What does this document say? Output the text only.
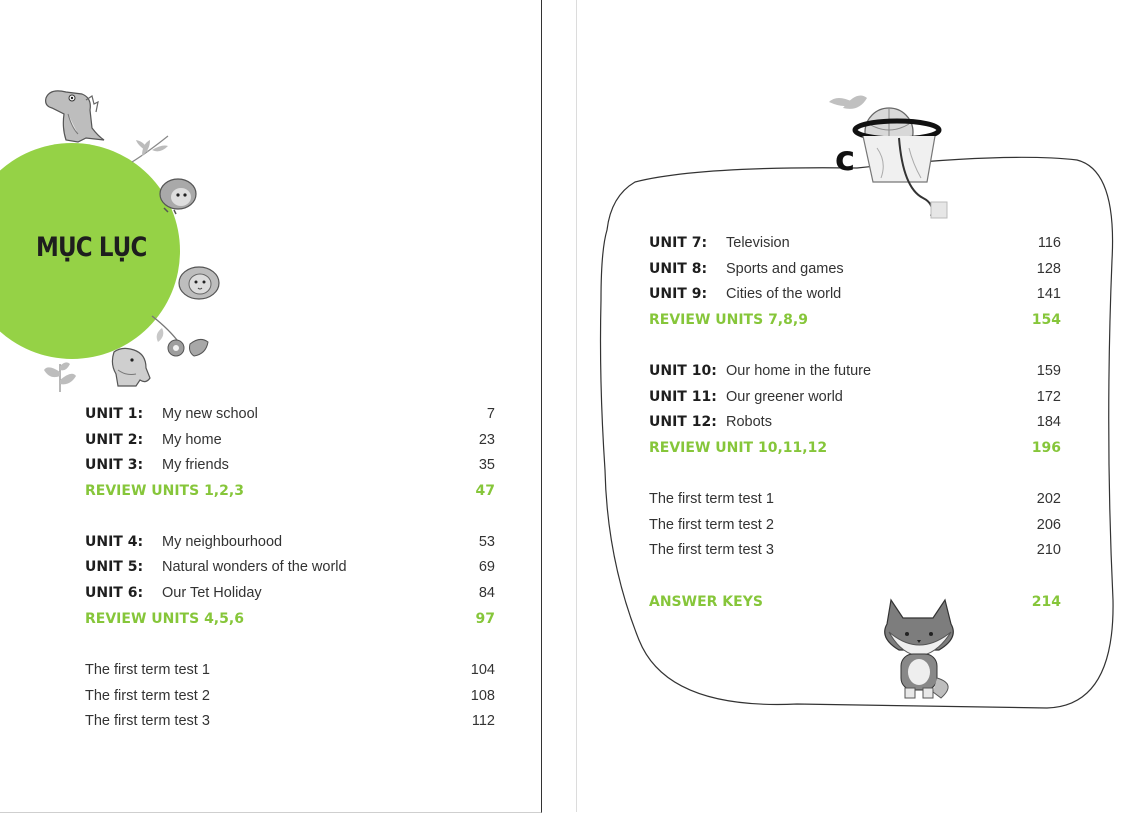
MỤC LỤC
UNIT 1: My new school	7
UNIT 2: My home	23
UNIT 3: My friends	35
REVIEW UNITS 1,2,3	47
UNIT 4: My neighbourhood	53
UNIT 5: Natural wonders of the world	69
UNIT 6: Our Tet Holiday	84
REVIEW UNITS 4,5,6	97
The first term test 1	104
The first term test 2	108
The first term test 3	112
c
UNIT 7: Television	116
UNIT 8: Sports and games	128
UNIT 9: Cities of the world	141
REVIEW UNITS 7,8,9	154
UNIT 10: Our home in the future	159
UNIT 11: Our greener world	172
UNIT 12: Robots	184
REVIEW UNIT 10,11,12	196
The first term test 1	202
The first term test 2	206
The first term test 3	210
ANSWER KEYS	214
